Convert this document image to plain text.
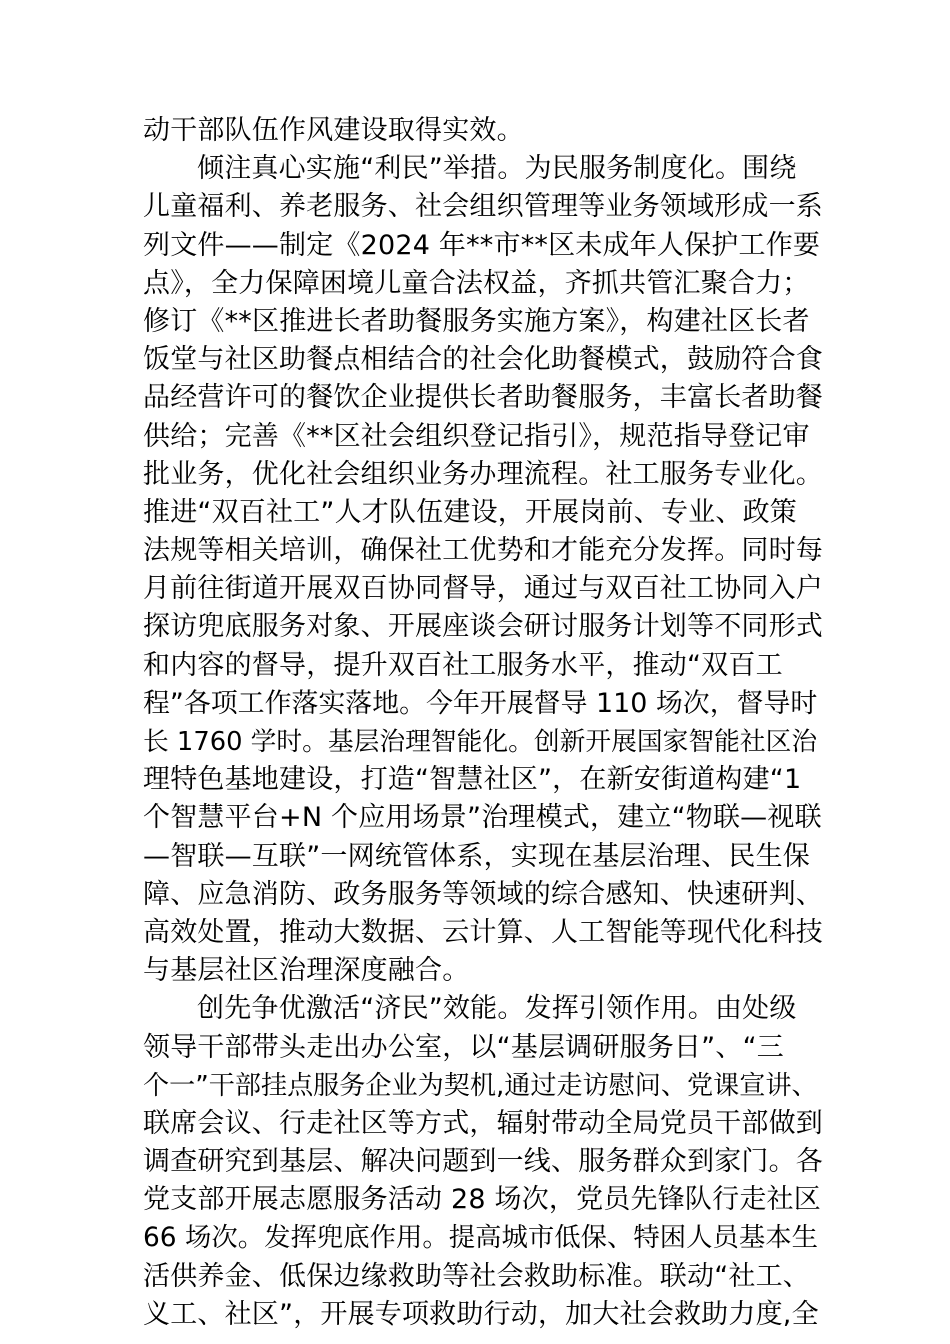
动干部队伍作风建设取得实效。
倾注真心实施“利民”举措。为民服务制度化。围绕
儿童福利、养老服务、社会组织管理等业务领域形成一系
列文件——制定《2024 年**市**区未成年人保护工作要
点》，全力保障困境儿童合法权益，齐抓共管汇聚合力；
修订《**区推进长者助餐服务实施方案》，构建社区长者
饭堂与社区助餐点相结合的社会化助餐模式，鼓励符合食
品经营许可的餐饮企业提供长者助餐服务，丰富长者助餐
供给；完善《**区社会组织登记指引》，规范指导登记审
批业务，优化社会组织业务办理流程。社工服务专业化。
推进“双百社工”人才队伍建设，开展岗前、专业、政策
法规等相关培训，确保社工优势和才能充分发挥。同时每
月前往街道开展双百协同督导，通过与双百社工协同入户
探访兜底服务对象、开展座谈会研讨服务计划等不同形式
和内容的督导，提升双百社工服务水平，推动“双百工
程”各项工作落实落地。今年开展督导 110 场次，督导时
长 1760 学时。基层治理智能化。创新开展国家智能社区治
理特色基地建设，打造“智慧社区”，在新安街道构建“1
个智慧平台+N 个应用场景”治理模式，建立“物联—视联
—智联—互联”一网统管体系，实现在基层治理、民生保
障、应急消防、政务服务等领域的综合感知、快速研判、
高效处置，推动大数据、云计算、人工智能等现代化科技
与基层社区治理深度融合。
创先争优激活“济民”效能。发挥引领作用。由处级
领导干部带头走出办公室，以“基层调研服务日”、“三
个一”干部挂点服务企业为契机,通过走访慰问、党课宣讲、
联席会议、行走社区等方式，辐射带动全局党员干部做到
调查研究到基层、解决问题到一线、服务群众到家门。各
党支部开展志愿服务活动 28 场次，党员先锋队行走社区
66 场次。发挥兜底作用。提高城市低保、特困人员基本生
活供养金、低保边缘救助等社会救助标准。联动“社工、
义工、社区”，开展专项救助行动，加大社会救助力度,全
